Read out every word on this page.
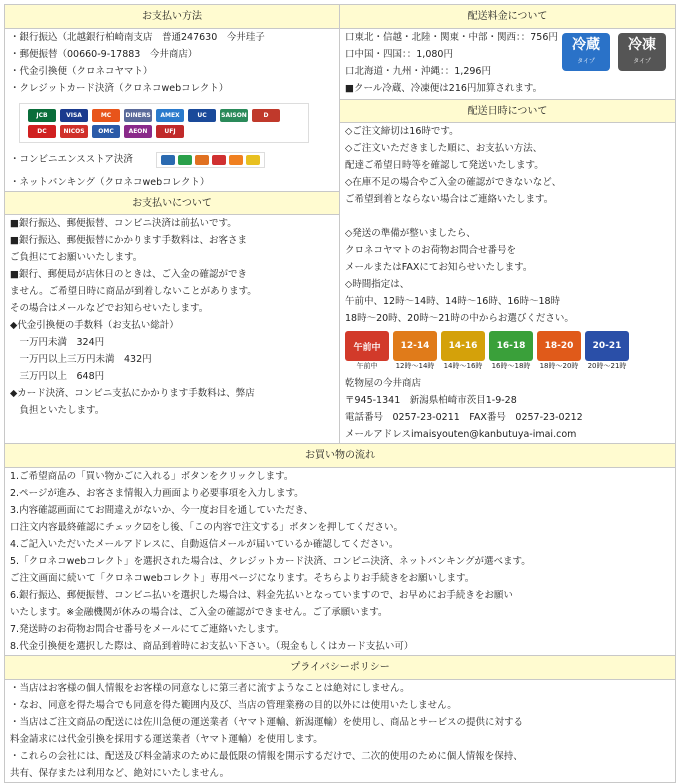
お支払い方法
・銀行振込（北越銀行柏崎南支店　普通247630　今井珪子
・郵便振替（00660-9-17883　今井商店）
・代金引換便（クロネコヤマト）
・クレジットカード決済（クロネコwebコレクト）
JCB	VISA	MC	DINERS	AMEX	UC	SAISON	D
DC	NICOS	OMC	AEON	UFJ
・コンビニエンスストア決済
・ネットバンキング（クロネコwebコレクト）
お支払いについて
■銀行振込、郵便振替、コンビニ決済は前払いです。
■銀行振込、郵便振替にかかります手数料は、お客さま
ご負担にてお願いいたします。
■銀行、郵便局が店休日のときは、ご入金の確認ができ
ません。ご希望日時に商品が到着しないことがあります。
その場合はメールなどでお知らせいたします。
◆代金引換便の手数料（お支払い総計）
　一万円未満　324円
　一万円以上三万円未満　432円
　三万円以上　648円
◆カード決済、コンビニ支払にかかります手数料は、弊店
　負担といたします。
配送料金について
口東北・信越・北陸・関東・中部・関西：：756円
口中国・四国：：1,080円
口北海道・九州・沖縄：：1,296円
■クール冷蔵、冷凍便は216円加算されます。
冷蔵
タイプ
冷凍
タイプ
配送日時について
◇ご注文締切は16時です。
◇ご注文いただきました順に、お支払い方法、
配達ご希望日時等を確認して発送いたします。
◇在庫不足の場合やご入金の確認ができないなど、
ご希望到着とならない場合はご連絡いたします。
◇発送の準備が整いましたら、
クロネコヤマトのお荷物お問合せ番号を
メールまたはFAXにてお知らせいたします。
◇時間指定は、
午前中、12時～14時、14時～16時、16時～18時
18時～20時、20時～21時の中からお選びください。
午前中
午前中
12-14
12時～14時
14-16
14時～16時
16-18
16時～18時
18-20
18時～20時
20-21
20時～21時
乾物屋の今井商店
〒945-1341　新潟県柏崎市茨目1-9-28
電話番号　0257-23-0211　FAX番号　0257-23-0212
メールアドレスimaisyouten@kanbutuya-imai.com
お買い物の流れ
1.ご希望商品の「買い物かごに入れる」ボタンをクリックします。
2.ページが進み、お客さま情報入力画面より必要事項を入力します。
3.内容確認画面にてお間違えがないか、今一度お目を通していただき、
口注文内容最終確認にチェック☑をし後、「この内容で注文する」ボタンを押してください。
4.ご記入いただいたメールアドレスに、自動返信メールが届いているか確認してください。
5.「クロネコwebコレクト」を選択された場合は、クレジットカード決済、コンビニ決済、ネットバンキングが選べます。
ご注文画面に続いて「クロネコwebコレクト」専用ページになります。そちらよりお手続きをお願いします。
6.銀行振込、郵便振替、コンビニ払いを選択した場合は、料金先払いとなっていますので、お早めにお手続きをお願い
いたします。※金融機関が休みの場合は、ご入金の確認ができません。ご了承願います。
7.発送時のお荷物お問合せ番号をメールにてご連絡いたします。
8.代金引換便を選択した際は、商品到着時にお支払い下さい。（現金もしくはカード支払い可）
プライバシーポリシー
・当店はお客様の個人情報をお客様の同意なしに第三者に流すようなことは絶対にしません。
・なお、同意を得た場合でも同意を得た範囲内及び、当店の管理業務の目的以外には使用いたしません。
・当店はご注文商品の配送には佐川急便の運送業者（ヤマト運輸、新潟運輸）を使用し、商品とサービスの提供に対する
料金請求には代金引換を採用する運送業者（ヤマト運輸）を使用します。
・これらの会社には、配送及び料金請求のために最低限の情報を開示するだけで、二次的使用のために個人情報を保持、
共有、保存または利用など、絶対にいたしません。
